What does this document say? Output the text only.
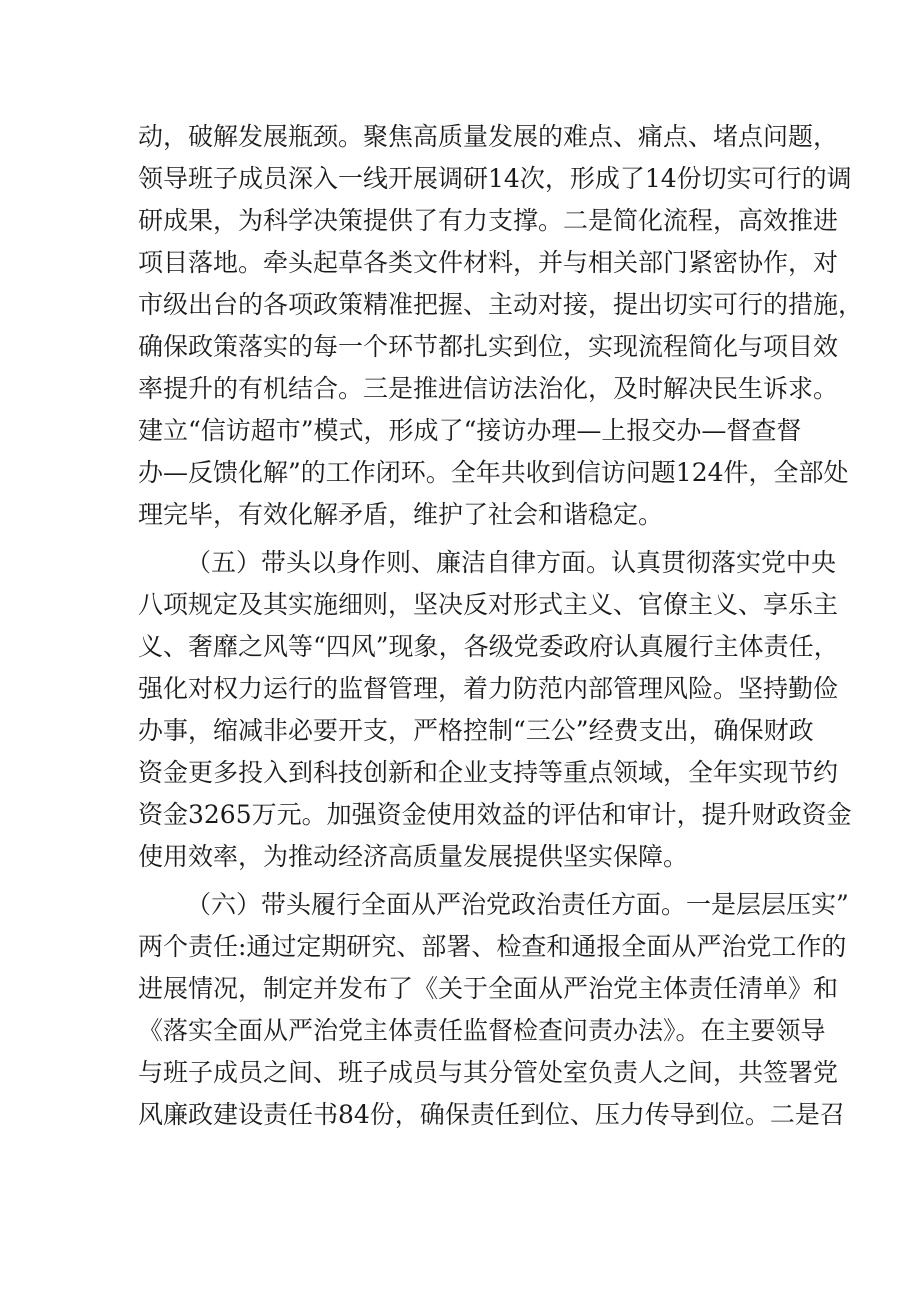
动，破解发展瓶颈。聚焦高质量发展的难点、痛点、堵点问题，
领导班子成员深入一线开展调研14次，形成了14份切实可行的调
研成果，为科学决策提供了有力支撑。二是简化流程，高效推进
项目落地。牵头起草各类文件材料，并与相关部门紧密协作，对
市级出台的各项政策精准把握、主动对接，提出切实可行的措施，
确保政策落实的每一个环节都扎实到位，实现流程简化与项目效
率提升的有机结合。三是推进信访法治化，及时解决民生诉求。
建立“信访超市”模式，形成了“接访办理—上报交办—督查督
办—反馈化解”的工作闭环。全年共收到信访问题124件，全部处
理完毕，有效化解矛盾，维护了社会和谐稳定。
（五）带头以身作则、廉洁自律方面。认真贯彻落实党中央
八项规定及其实施细则，坚决反对形式主义、官僚主义、享乐主
义、奢靡之风等“四风”现象，各级党委政府认真履行主体责任，
强化对权力运行的监督管理，着力防范内部管理风险。坚持勤俭
办事，缩减非必要开支，严格控制“三公”经费支出，确保财政
资金更多投入到科技创新和企业支持等重点领域，全年实现节约
资金3265万元。加强资金使用效益的评估和审计，提升财政资金
使用效率，为推动经济高质量发展提供坚实保障。
（六）带头履行全面从严治党政治责任方面。一是层层压实”
两个责任:通过定期研究、部署、检查和通报全面从严治党工作的
进展情况，制定并发布了《关于全面从严治党主体责任清单》和
《落实全面从严治党主体责任监督检查问责办法》。在主要领导
与班子成员之间、班子成员与其分管处室负责人之间，共签署党
风廉政建设责任书84份，确保责任到位、压力传导到位。二是召
